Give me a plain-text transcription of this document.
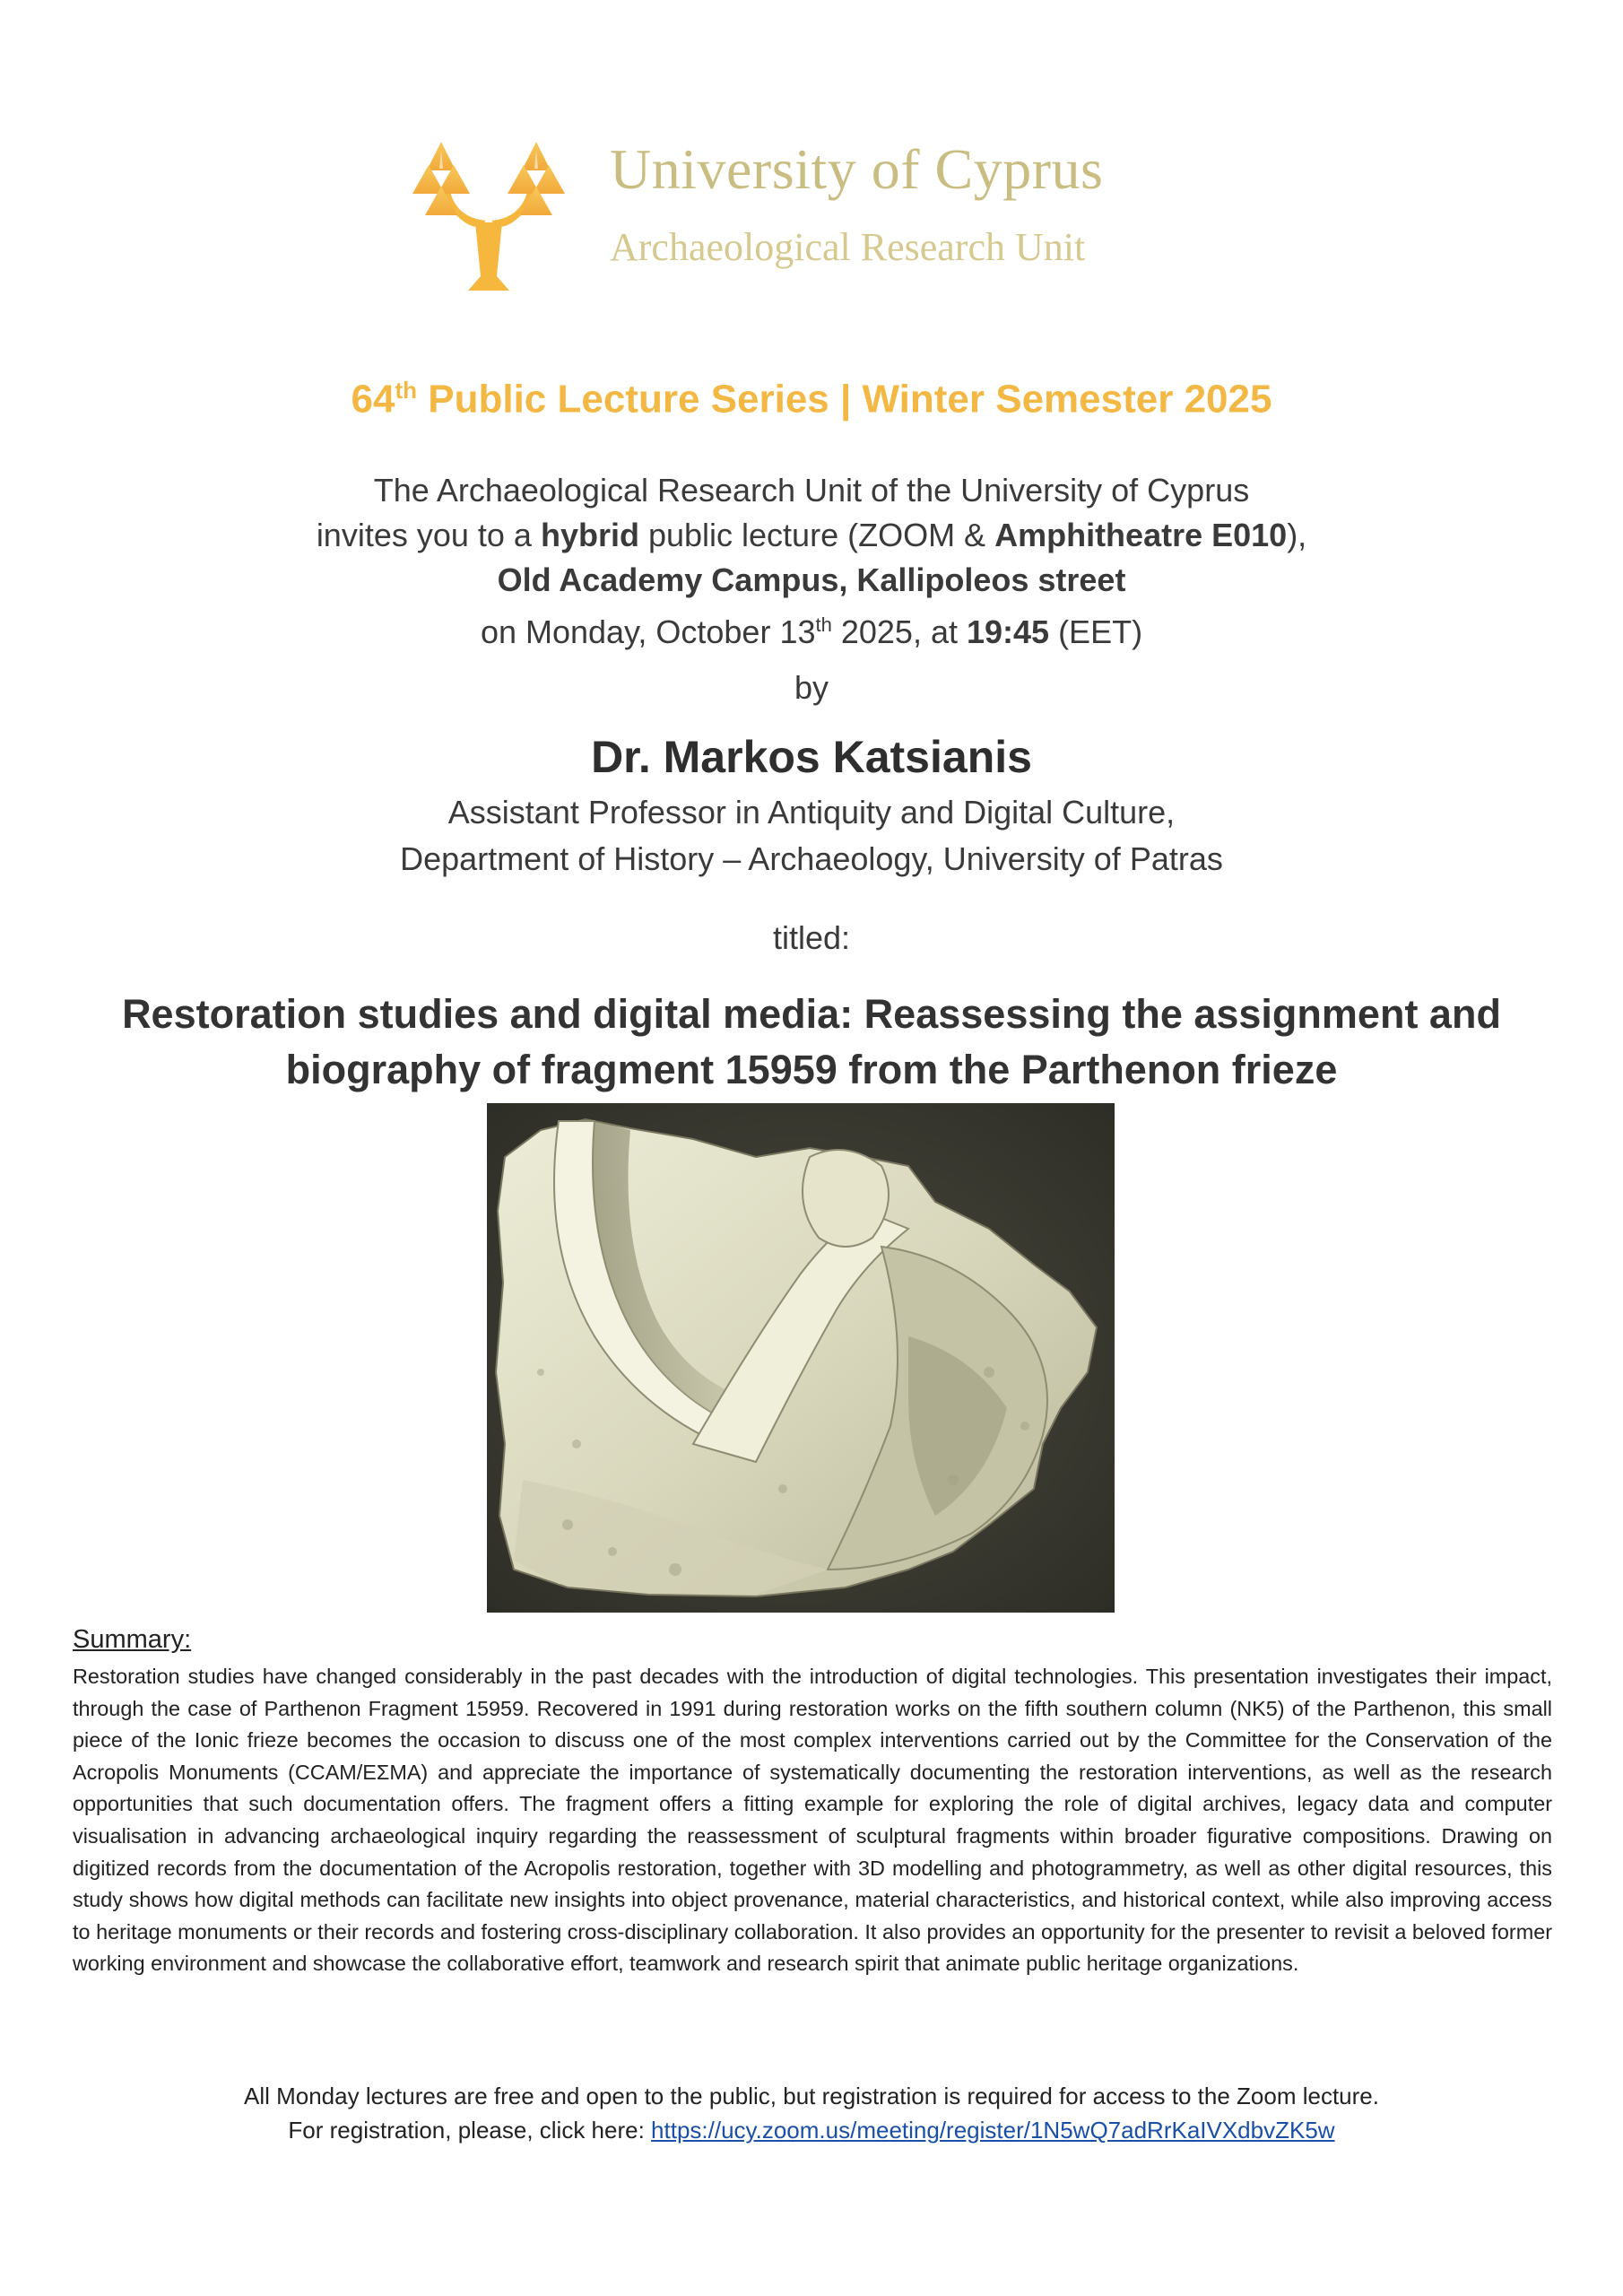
University of Cyprus
Archaeological Research Unit
64th Public Lecture Series | Winter Semester 2025
The Archaeological Research Unit of the University of Cyprus
invites you to a hybrid public lecture (ZOOM & Amphitheatre E010),
Old Academy Campus, Kallipoleos street
on Monday, October 13th 2025, at 19:45 (EET)
by
Dr. Markos Katsianis
Assistant Professor in Antiquity and Digital Culture,
Department of History – Archaeology, University of Patras
titled:
Restoration studies and digital media: Reassessing the assignment and
biography of fragment 15959 from the Parthenon frieze
Summary:
Restoration studies have changed considerably in the past decades with the introduction of digital technologies. This presentation investigates their impact, through the case of Parthenon Fragment 15959. Recovered in 1991 during restoration works on the fifth southern column (NK5) of the Parthenon, this small piece of the Ionic frieze becomes the occasion to discuss one of the most complex interventions carried out by the Committee for the Conservation of the Acropolis Monuments (CCAM/ΕΣΜΑ) and appreciate the importance of systematically documenting the restoration interventions, as well as the research opportunities that such documentation offers. The fragment offers a fitting example for exploring the role of digital archives, legacy data and computer visualisation in advancing archaeological inquiry regarding the reassessment of sculptural fragments within broader figurative compositions. Drawing on digitized records from the documentation of the Acropolis restoration, together with 3D modelling and photogrammetry, as well as other digital resources, this study shows how digital methods can facilitate new insights into object provenance, material characteristics, and historical context, while also improving access to heritage monuments or their records and fostering cross-disciplinary collaboration. It also provides an opportunity for the presenter to revisit a beloved former working environment and showcase the collaborative effort, teamwork and research spirit that animate public heritage organizations.
All Monday lectures are free and open to the public, but registration is required for access to the Zoom lecture.
For registration, please, click here: https://ucy.zoom.us/meeting/register/1N5wQ7adRrKaIVXdbvZK5w
